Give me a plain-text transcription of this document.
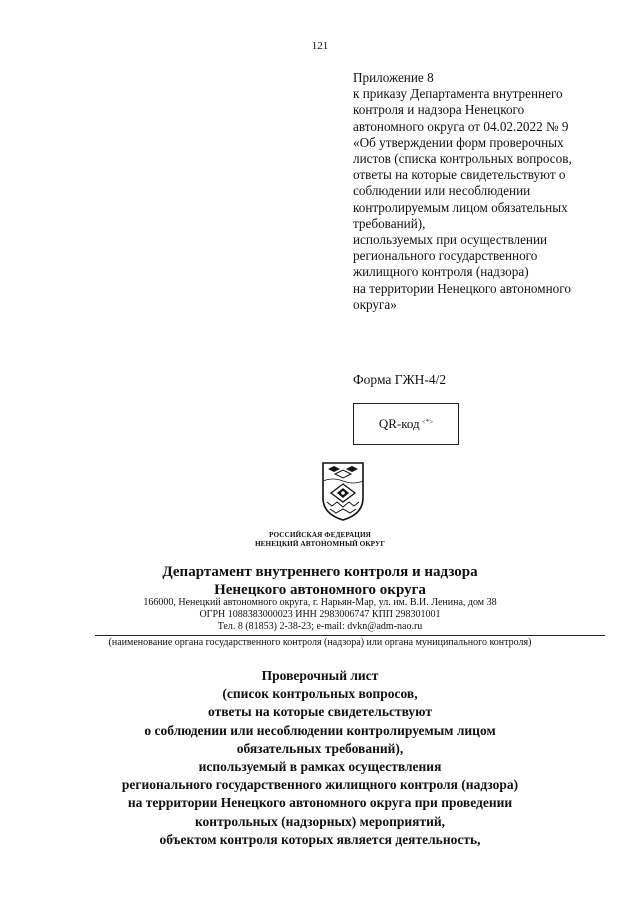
121
Приложение 8
к приказу Департамента внутреннего
контроля и надзора Ненецкого
автономного округа от 04.02.2022 № 9
«Об утверждении форм проверочных
листов (списка контрольных вопросов,
ответы на которые свидетельствуют о
соблюдении или несоблюдении
контролируемым лицом обязательных
требований),
используемых при осуществлении
регионального государственного
жилищного контроля (надзора)
на территории Ненецкого автономного
округа»
Форма ГЖН-4/2
QR-код <*>
РОССИЙСКАЯ ФЕДЕРАЦИЯ
НЕНЕЦКИЙ АВТОНОМНЫЙ ОКРУГ
Департамент внутреннего контроля и надзора
Ненецкого автономного округа
166000, Ненецкий автономного округа, г. Нарьян-Мар, ул. им. В.И. Ленина, дом 38
ОГРН 1088383000023 ИНН 2983006747 КПП 298301001
Тел. 8 (81853) 2-38-23; e-mail: dvkn@adm-nao.ru
(наименование органа государственного контроля (надзора) или органа муниципального контроля)
Проверочный лист
(список контрольных вопросов,
ответы на которые свидетельствуют
о соблюдении или несоблюдении контролируемым лицом
обязательных требований),
используемый в рамках осуществления
регионального государственного жилищного контроля (надзора)
на территории Ненецкого автономного округа при проведении
контрольных (надзорных) мероприятий,
объектом контроля которых является деятельность,
